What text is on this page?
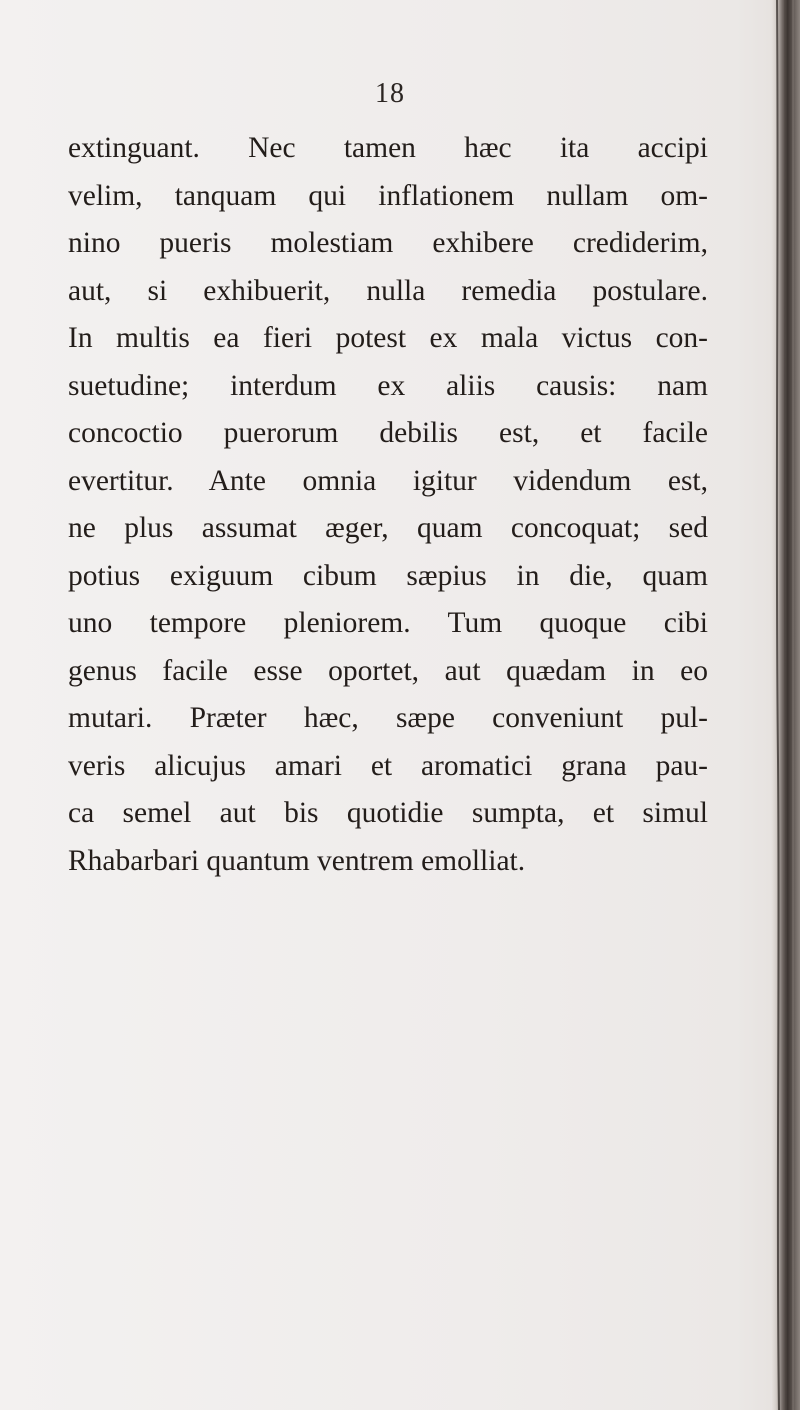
18
extinguant. Nec tamen hæc ita accipi
velim, tanquam qui inflationem nullam om-
nino pueris molestiam exhibere crediderim,
aut, si exhibuerit, nulla remedia postulare.
In multis ea fieri potest ex mala victus con-
suetudine; interdum ex aliis causis: nam
concoctio puerorum debilis est, et facile
evertitur. Ante omnia igitur videndum est,
ne plus assumat æger, quam concoquat; sed
potius exiguum cibum sæpius in die, quam
uno tempore pleniorem. Tum quoque cibi
genus facile esse oportet, aut quædam in eo
mutari. Præter hæc, sæpe conveniunt pul-
veris alicujus amari et aromatici grana pau-
ca semel aut bis quotidie sumpta, et simul
Rhabarbari quantum ventrem emolliat.
